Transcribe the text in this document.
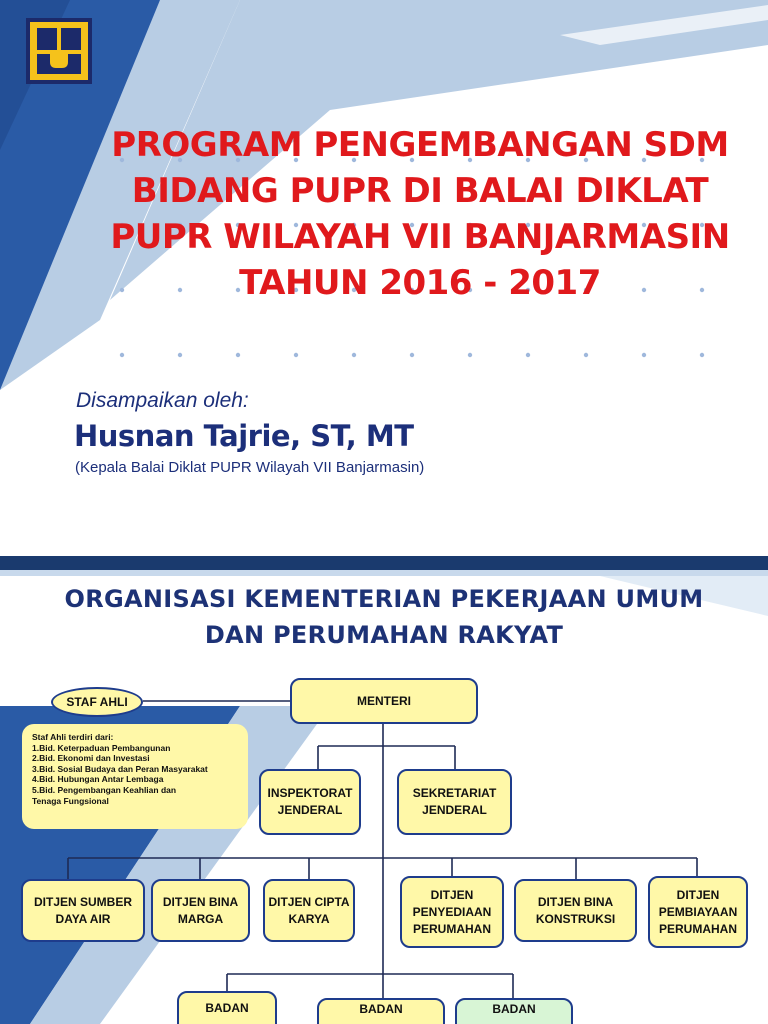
PROGRAM PENGEMBANGAN SDM
BIDANG PUPR DI BALAI DIKLAT
PUPR WILAYAH VII BANJARMASIN
TAHUN 2016 - 2017
Disampaikan oleh:
Husnan Tajrie, ST, MT
(Kepala Balai Diklat PUPR Wilayah VII Banjarmasin)
ORGANISASI KEMENTERIAN PEKERJAAN UMUM
DAN PERUMAHAN RAKYAT
MENTERI
STAF AHLI
Staf Ahli terdiri dari:
1.Bid. Keterpaduan Pembangunan
2.Bid. Ekonomi dan Investasi
3.Bid. Sosial Budaya dan Peran Masyarakat
4.Bid. Hubungan Antar Lembaga
5.Bid. Pengembangan Keahlian dan
Tenaga Fungsional
INSPEKTORAT JENDERAL
SEKRETARIAT JENDERAL
DITJEN SUMBER DAYA AIR
DITJEN BINA MARGA
DITJEN CIPTA KARYA
DITJEN PENYEDIAAN PERUMAHAN
DITJEN BINA KONSTRUKSI
DITJEN PEMBIAYAAN PERUMAHAN
BADAN	BADAN	BADAN
